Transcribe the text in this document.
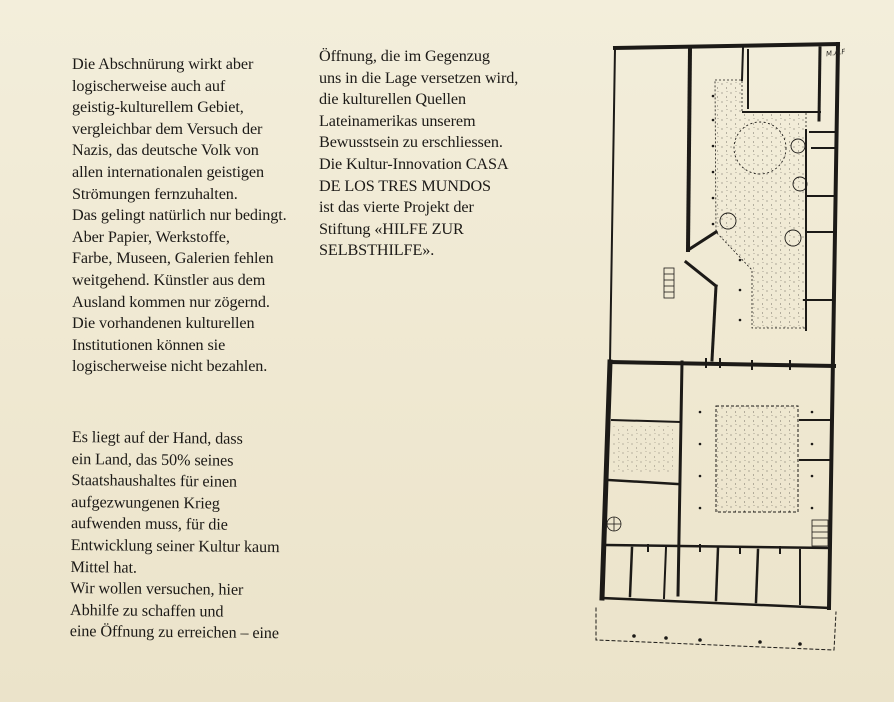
Die Abschnürung wirkt aber
logischerweise auch auf
geistig-kulturellem Gebiet,
vergleichbar dem Versuch der
Nazis, das deutsche Volk von
allen internationalen geistigen
Strömungen fernzuhalten.
Das gelingt natürlich nur bedingt.
Aber Papier, Werkstoffe,
Farbe, Museen, Galerien fehlen
weitgehend. Künstler aus dem
Ausland kommen nur zögernd.
Die vorhandenen kulturellen
Institutionen können sie
logischerweise nicht bezahlen.
Es liegt auf der Hand, dass
ein Land, das 50% seines
Staatshaushaltes für einen
aufgezwungenen Krieg
aufwenden muss, für die
Entwicklung seiner Kultur kaum
Mittel hat.
Wir wollen versuchen, hier
Abhilfe zu schaffen und
eine Öffnung zu erreichen – eine
Öffnung, die im Gegenzug
uns in die Lage versetzen wird,
die kulturellen Quellen
Lateinamerikas unserem
Bewusstsein zu erschliessen.
Die Kultur-Innovation CASA
DE LOS TRES MUNDOS
ist das vierte Projekt der
Stiftung «HILFE ZUR
SELBSTHILFE».
M.A.F
